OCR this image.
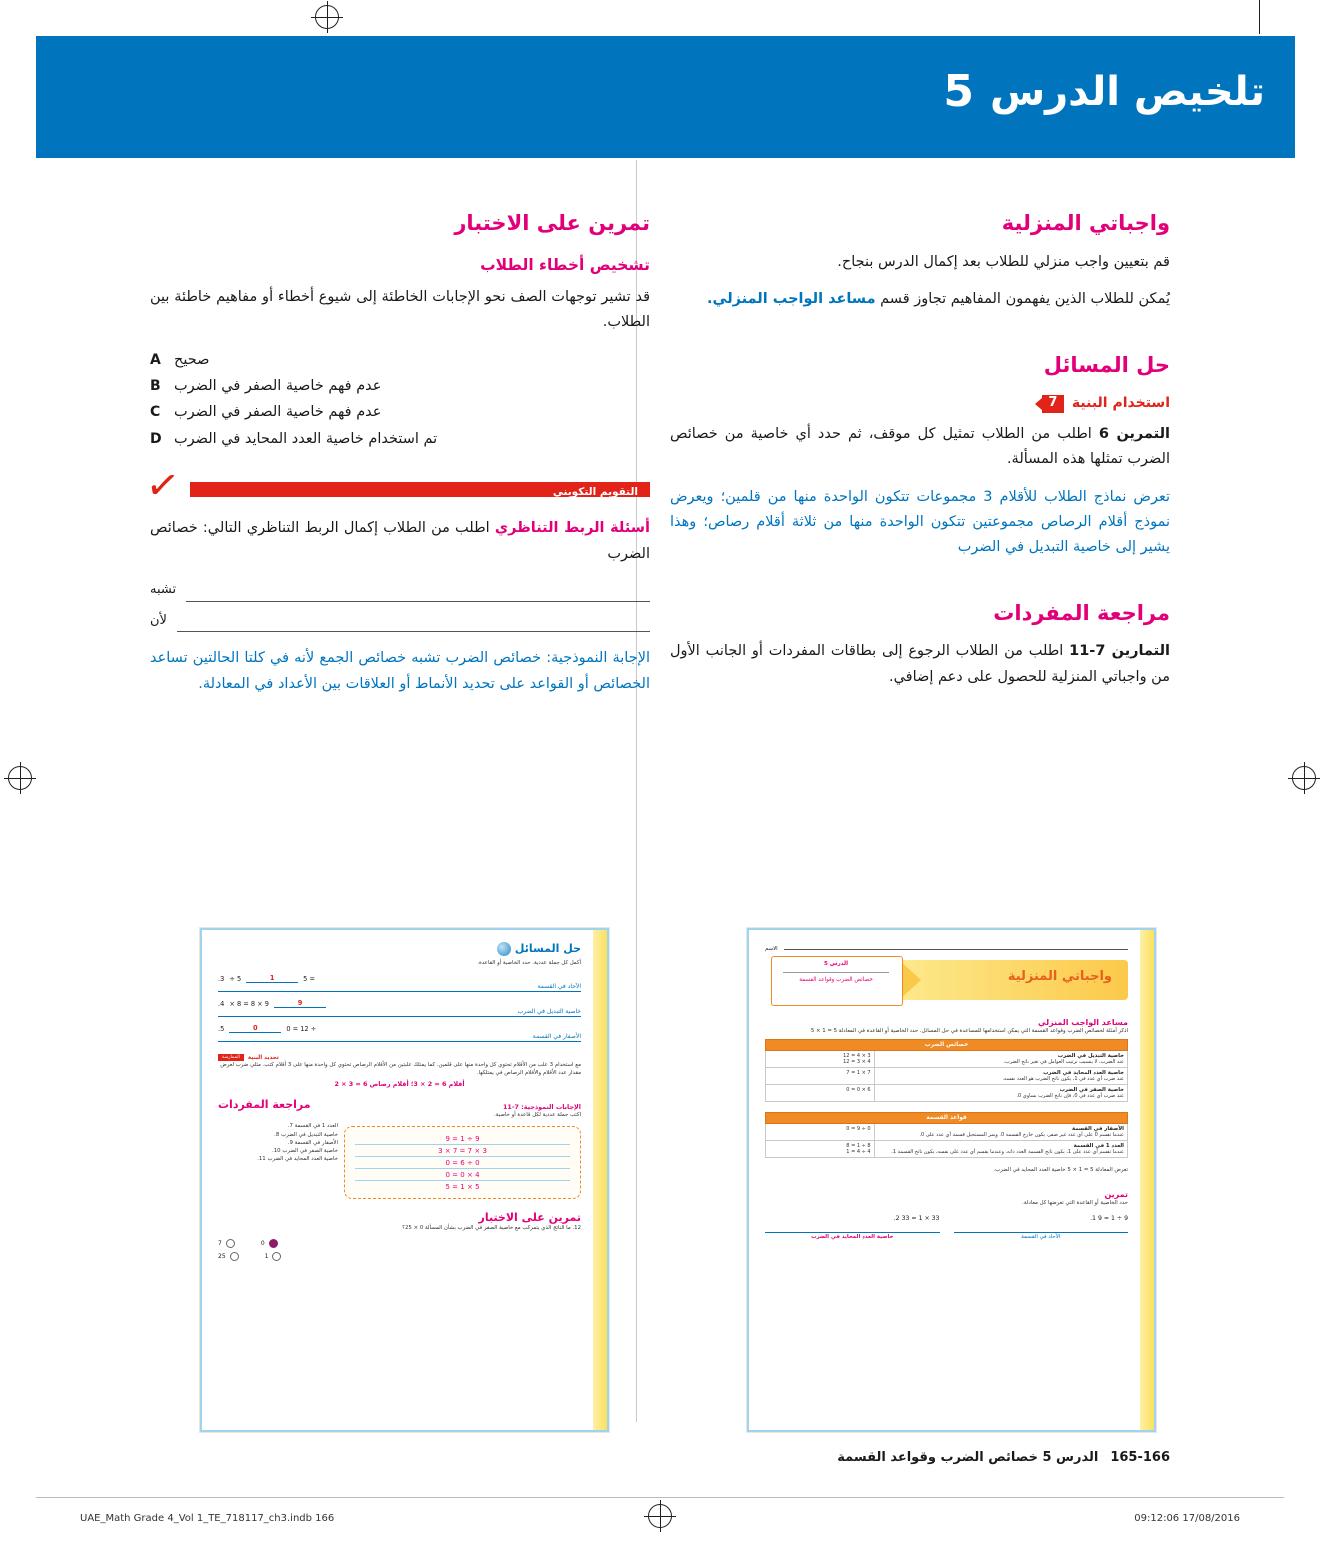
تلخيص الدرس
5
واجباتي المنزلية

قم بتعيين واجب منزلي للطلاب بعد إكمال الدرس بنجاح.

يُمكن للطلاب الذين يفهمون المفاهيم تجاوز قسم مساعد الواجب المنزلي.

حل المسائل
استخدام البنية
7

التمرين 6 اطلب من الطلاب تمثيل كل موقف، ثم حدد أي خاصية من خصائص الضرب تمثلها هذه المسألة.

تعرض نماذج الطلاب للأقلام 3 مجموعات تتكون الواحدة منها من قلمين؛ ويعرض نموذج أقلام الرصاص مجموعتين تتكون الواحدة منها من ثلاثة أقلام رصاص؛ وهذا يشير إلى خاصية التبديل في الضرب

مراجعة المفردات

التمارين 7-11 اطلب من الطلاب الرجوع إلى بطاقات المفردات أو الجانب الأول من واجباتي المنزلية للحصول على دعم إضافي.

تمرين على الاختبار
تشخيص أخطاء الطلاب

قد تشير توجهات الصف نحو الإجابات الخاطئة إلى شيوع أخطاء أو مفاهيم خاطئة بين الطلاب.

صحيح
A
عدم فهم خاصية الصفر في الضرب
B
عدم فهم خاصية الصفر في الضرب
C
تم استخدام خاصية العدد المحايد في الضرب
D
التقويم التكويني
✓

أسئلة الربط التناظري اطلب من الطلاب إكمال الربط التناظري التالي: خصائص الضرب

تشبه
لأن

الإجابة النموذجية: خصائص الضرب تشبه خصائص الجمع لأنه في كلتا الحالتين تساعد الخصائص أو القواعد على تحديد الأنماط أو العلاقات بين الأعداد في المعادلة.

حل المسائل
أكمل كل جملة عددية. حدد الخاصية أو القاعدة.
= 5
1
5 ÷
3.
الآحاد في القسمة
9
9 × 8 = 8 ×
4.
خاصية التبديل في الضرب
÷ 12 = 0
0
5.
الأصفار في القسمة
تحديد البنية
الممارسة
مع استخدام 3 علب من الأقلام تحتوي كل واحدة منها على قلمين. كما يمتلك علبتين من الأقلام الرصاص تحتوي كل واحدة منها على 3 أقلام كتب. مثلي ضرب لعرض مقدار عدد الأقلام والأقلام الرصاص في يمتلكها.
أقلام 6 = 2 × 3؛ أقلام رصاص 6 = 3 × 2
الإجابات النموذجية: 7-11
مراجعة المفردات
اكتب جملة عددية لكل قاعدة أو خاصية.
9 ÷ 1 = 9
3 × 7 = 7 × 3
0 ÷ 6 = 0
4 × 0 = 0
5 × 1 = 5
العدد 1 في القسمة 7.
خاصية التبديل في الضرب 8.
الأصفار في القسمة 9.
خاصية الصفر في الضرب 10.
خاصية العدد المحايد في الضرب 11.
تمرين على الاختبار
12. ما الناتج الذي يتمركب مع خاصية الصفر في الضرب بشأن المسألة 0 × 25؟
0
7
1
25
الاسم
واجباتي المنزلية
الدرس 5
خصائص الضرب وقواعد القسمة
مساعد الواجب المنزلي
اذكر أمثلة لخصائص الضرب وقواعد القسمة التي يمكن استخدامها للمساعدة في حل المسائل. حدد الخاصية أو القاعدة في المعادلة 5 = 1 × 5
خصائص الضرب	

خاصية التبديل في الضرب
عند الضرب، لا يتسبب ترتيب العوامل في تغير ناتج الضرب.
	3 × 4 = 12
4 × 3 = 12

خاصية العدد المحايد في الضرب
عند ضرب أي عدد في 1، يكون ناتج الضرب هو العدد نفسه.	7 × 1 = 7

خاصية الصفر في الضرب
عند ضرب أي عدد في 0، فإن ناتج الضرب يساوي 0.	6 × 0 = 0
قواعد القسمة	

الأصفار في القسمة
عندما تقسم 0 على أي عدد غير صفر، يكون خارج القسمة 0. ويمر المستحيل قسمة أي عدد على 0.	0 ÷ 9 = 0

العدد 1 في القسمة
عندما تقسم أي عدد على 1، يكون ناتج القسمة العدد ذاته. وعندما يقسم أي عدد على نفسه، يكون ناتج القسمة 1.
	8 ÷ 1 = 8
4 ÷ 4 = 1
تعرض المعادلة 5 = 1 × 5 خاصية العدد المحايد في الضرب.
تمرين
حدد الخاصية أو القاعدة التي تعرضها كل معادلة.
9 ÷ 1 = 9 1.
الآحاد في القسمة
33 × 1 = 33 2.
خاصية العدد المحايد في الضرب
165-166
الدرس 5 خصائص الضرب وقواعد القسمة
UAE_Math Grade 4_Vol 1_TE_718117_ch3.indb 166	17/08/2016 09:12:06
